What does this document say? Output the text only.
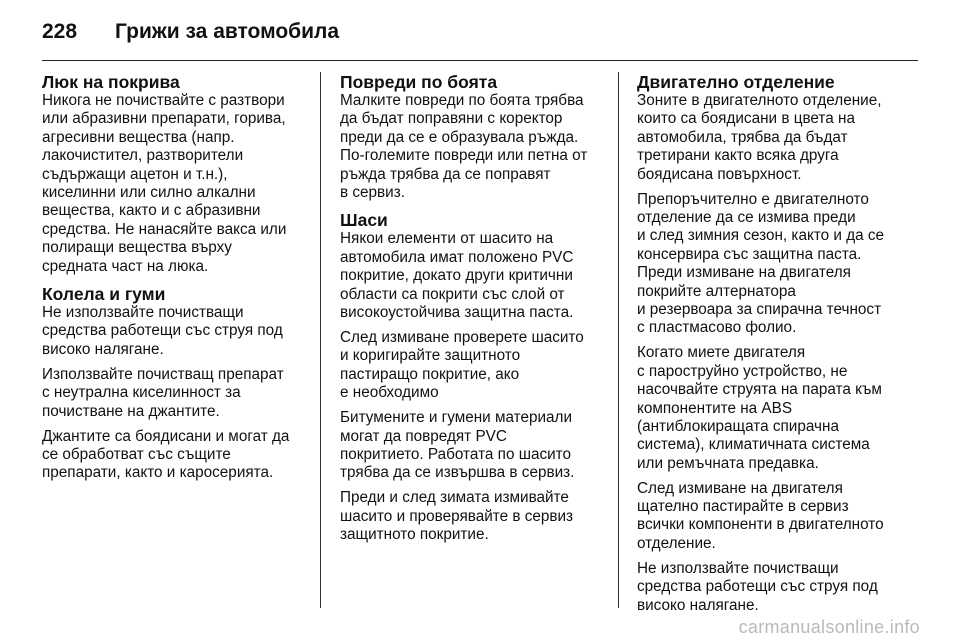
228 Грижи за автомобила
Люк на покрива

Никога не почиствайте с разтвори
или абразивни препарати, горива,
агресивни вещества (напр.
лакочистител, разтворители
съдържащи ацетон и т.н.),
киселинни или силно алкални
вещества, както и с абразивни
средства. Не нанасяйте вакса или
полиращи вещества върху
средната част на люка.

Колела и гуми

Не използвайте почистващи
средства работещи със струя под
високо налягане.

Използвайте почистващ препарат
с неутрална киселинност за
почистване на джантите.

Джантите са боядисани и могат да
се обработват със същите
препарати, както и каросерията.

Повреди по боята

Малките повреди по боята трябва
да бъдат поправяни с коректор
преди да се е образувала ръжда.
По-големите повреди или петна от
ръжда трябва да се поправят
в сервиз.

Шаси

Някои елементи от шасито на
автомобила имат положено PVC
покритие, докато други критични
области са покрити със слой от
високоустойчива защитна паста.

След измиване проверете шасито
и коригирайте защитното
пастиращо покритие, ако
е необходимо

Битумените и гумени материали
могат да повредят PVC
покритието. Работата по шасито
трябва да се извършва в сервиз.

Преди и след зимата измивайте
шасито и проверявайте в сервиз
защитното покритие.

Двигателно отделение

Зоните в двигателното отделение,
които са боядисани в цвета на
автомобила, трябва да бъдат
третирани както всяка друга
боядисана повърхност.

Препоръчително е двигателното
отделение да се измива преди
и след зимния сезон, както и да се
консервира със защитна паста.
Преди измиване на двигателя
покрийте алтернатора
и резервоара за спирачна течност
с пластмасово фолио.

Когато миете двигателя
с пароструйно устройство, не
насочвайте струята на парата към
компонентите на ABS
(антиблокиращата спирачна
система), климатичната система
или ремъчната предавка.

След измиване на двигателя
щателно пастирайте в сервиз
всички компоненти в двигателното
отделение.

Не използвайте почистващи
средства работещи със струя под
високо налягане.

carmanualsonline.info
